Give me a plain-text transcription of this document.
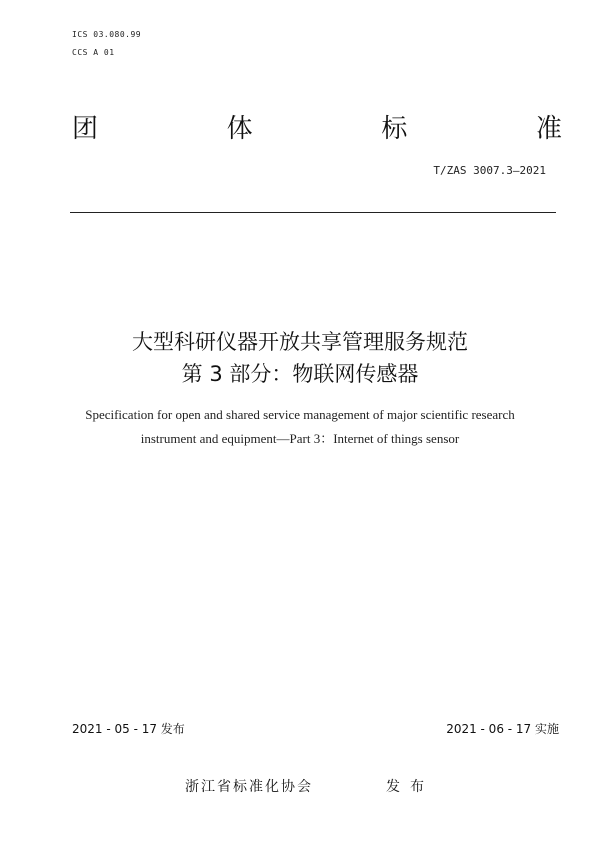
ICS 03.080.99
CCS A 01
团	体	标	准
T/ZAS 3007.3—2021
大型科研仪器开放共享管理服务规范
第 3 部分：物联网传感器
Specification for open and shared service management of major scientific research
instrument and equipment—Part 3：Internet of things sensor
2021 - 05 - 17 发布	2021 - 06 - 17 实施
浙江省标准化协会	发布
